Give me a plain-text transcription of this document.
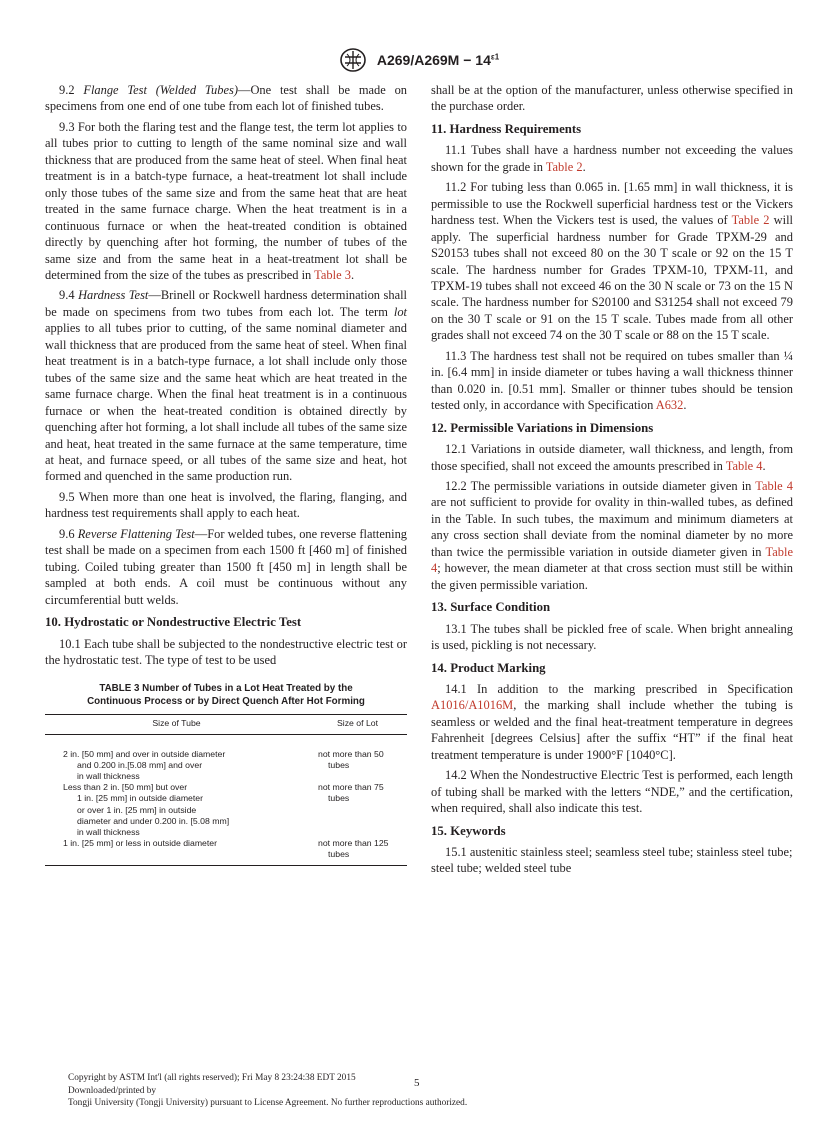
$A269/A269M - 14^{\varepsilon 1}$

9.2 Flange Test (Welded Tubes)—One test shall be made on specimens from one end of one tube from each lot of finished tubes.

9.3 For both the flaring test and the flange test, the term lot applies to all tubes prior to cutting to length of the same nominal size and wall thickness that are produced from the same heat of steel. When final heat treatment is in a batch-type furnace, a heat-treatment lot shall include only those tubes of the same size and from the same heat that are heat treated in the same furnace charge. When the heat treatment is in a continuous furnace or when the heat-treated condition is obtained directly by quenching after hot forming, the number of tubes of the same size and from the same heat in a heat-treatment lot shall be determined from the size of the tubes as prescribed in Table 3.

9.4 Hardness Test—Brinell or Rockwell hardness determination shall be made on specimens from two tubes from each lot. The term lot applies to all tubes prior to cutting, of the same nominal diameter and wall thickness that are produced from the same heat of steel. When final heat treatment is in a batch-type furnace, a lot shall include only those tubes of the same size and the same heat which are heat treated in the same furnace charge. When the final heat treatment is in a continuous furnace or when the heat-treated condition is obtained directly by quenching after hot forming, a lot shall include all tubes of the same size and heat, heat treated in the same furnace at the same temperature, time at heat, and furnace speed, or all tubes of the same size and heat, hot formed and quenched in the same production run.

9.5 When more than one heat is involved, the flaring, flanging, and hardness test requirements shall apply to each heat.

9.6 Reverse Flattening Test—For welded tubes, one reverse flattening test shall be made on a specimen from each 1500 ft [460 m] of finished tubing. Coiled tubing greater than 1500 ft [450 m] in length shall be sampled at both ends. A coil must be continuous without any circumferential butt welds.

10. Hydrostatic or Nondestructive Electric Test

10.1 Each tube shall be subjected to the nondestructive electric test or the hydrostatic test. The type of test to be used

TABLE 3 Number of Tubes in a Lot Heat Treated by the
Continuous Process or by Direct Quench After Hot Forming
Size of Tube	Size of Lot

2 in. [50 mm] and over in outside diameter
and 0.200 in.[5.08 mm] and over
in wall thickness	not more than 50
tubes

Less than 2 in. [50 mm] but over
1 in. [25 mm] in outside diameter
or over 1 in. [25 mm] in outside
diameter and under 0.200 in. [5.08 mm]
in wall thickness	not more than 75
tubes

1 in. [25 mm] or less in outside diameter	not more than 125
tubes

shall be at the option of the manufacturer, unless otherwise specified in the purchase order.

11. Hardness Requirements

11.1 Tubes shall have a hardness number not exceeding the values shown for the grade in Table 2.

11.2 For tubing less than 0.065 in. [1.65 mm] in wall thickness, it is permissible to use the Rockwell superficial hardness test or the Vickers hardness test. When the Vickers test is used, the values of Table 2 will apply. The superficial hardness number for Grade TPXM-29 and S20153 tubes shall not exceed 80 on the 30 T scale or 92 on the 15 T scale. The hardness number for Grades TPXM-10, TPXM-11, and TPXM-19 tubes shall not exceed 46 on the 30 N scale or 73 on the 15 N scale. The hardness number for S20100 and S31254 shall not exceed 79 on the 30 T scale or 91 on the 15 T scale. Tubes made from all other grades shall not exceed 74 on the 30 T scale or 88 on the 15 T scale.

11.3 The hardness test shall not be required on tubes smaller than ¼ in. [6.4 mm] in inside diameter or tubes having a wall thickness thinner than 0.020 in. [0.51 mm]. Smaller or thinner tubes should be tension tested only, in accordance with Specification A632.

12. Permissible Variations in Dimensions

12.1 Variations in outside diameter, wall thickness, and length, from those specified, shall not exceed the amounts prescribed in Table 4.

12.2 The permissible variations in outside diameter given in Table 4 are not sufficient to provide for ovality in thin-walled tubes, as defined in the Table. In such tubes, the maximum and minimum diameters at any cross section shall deviate from the nominal diameter by no more than twice the permissible variation in outside diameter given in Table 4; however, the mean diameter at that cross section must still be within the given permissible variation.

13. Surface Condition

13.1 The tubes shall be pickled free of scale. When bright annealing is used, pickling is not necessary.

14. Product Marking

14.1 In addition to the marking prescribed in Specification A1016/A1016M, the marking shall include whether the tubing is seamless or welded and the final heat-treatment temperature in degrees Fahrenheit [degrees Celsius] after the suffix “HT” if the final heat treatment temperature is under 1900°F [1040°C].

14.2 When the Nondestructive Electric Test is performed, each length of tubing shall be marked with the letters “NDE,” and the certification, when required, shall also indicate this test.

15. Keywords

15.1 austenitic stainless steel; seamless steel tube; stainless steel tube; steel tube; welded steel tube

Copyright by ASTM Int'l (all rights reserved); Fri May 8 23:24:38 EDT 2015
Downloaded/printed by
Tongji University (Tongji University) pursuant to License Agreement. No further reproductions authorized.
5
